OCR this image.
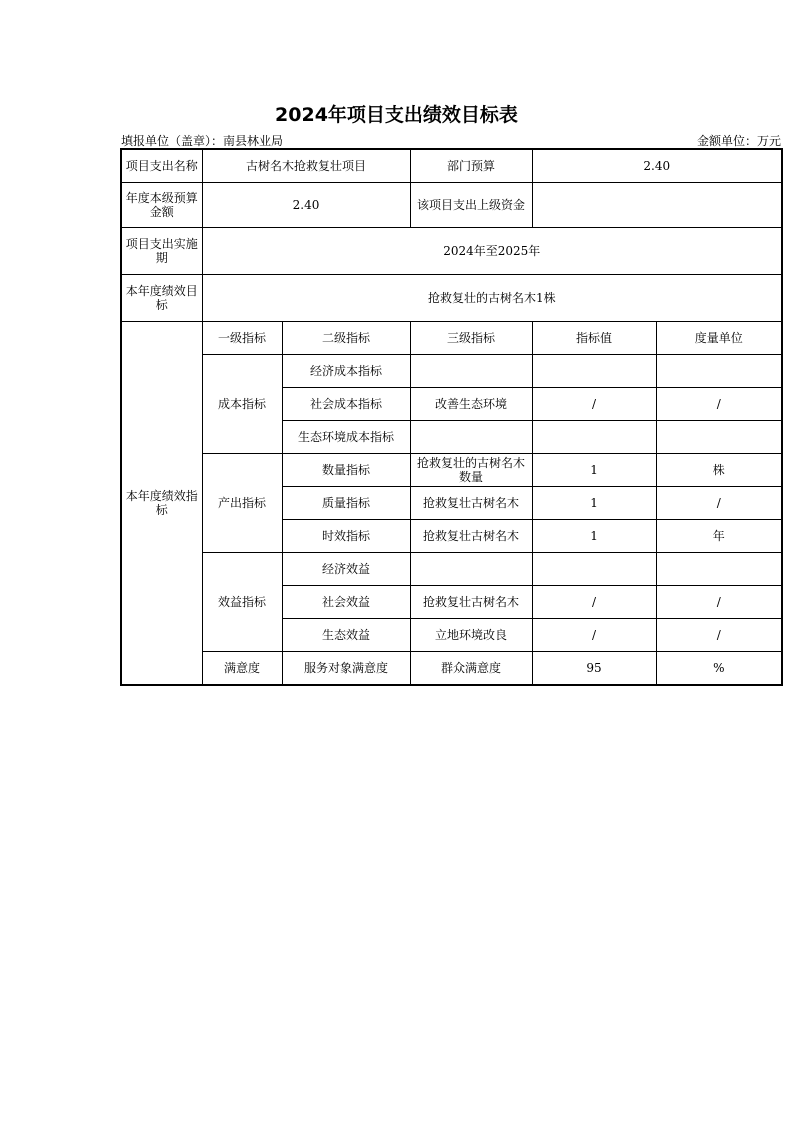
2024年项目支出绩效目标表
填报单位（盖章）：南县林业局	金额单位：万元
项目支出名称	古树名木抢救复壮项目		部门预算	2.40	
年度本级预算金额	2.40		该项目支出上级资金		
项目支出实施期	2024年至2025年				
本年度绩效目标	抢救复壮的古树名木1株				
本年度绩效指标	一级指标	二级指标	三级指标	指标值	度量单位
	成本指标	经济成本指标			
		社会成本指标	改善生态环境	/	/
		生态环境成本指标			
	产出指标	数量指标	抢救复壮的古树名木数量	1	株
		质量指标	抢救复壮古树名木	1	/
		时效指标	抢救复壮古树名木	1	年
	效益指标	经济效益			
		社会效益	抢救复壮古树名木	/	/
		生态效益	立地环境改良	/	/
	满意度	服务对象满意度	群众满意度	95	%
